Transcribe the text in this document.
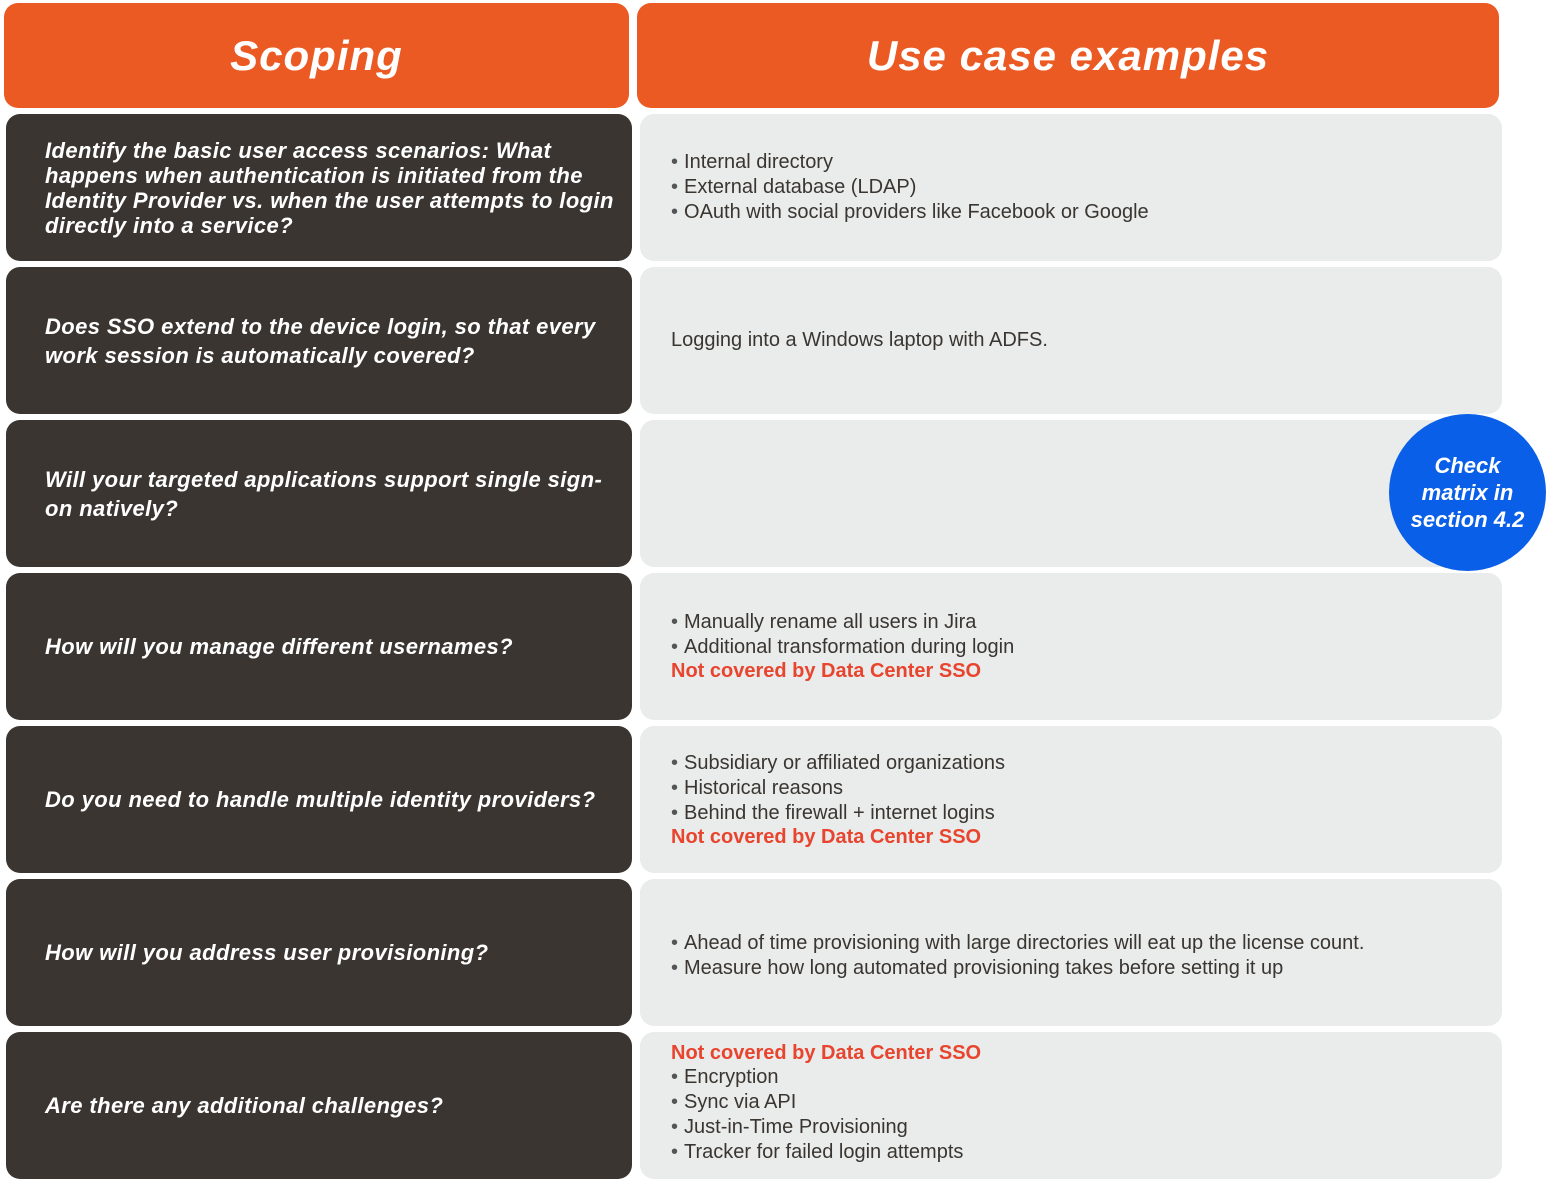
Scoping	Use case examples
Identify the basic user access scenarios: What happens when authentication is initiated from the Identity Provider vs. when the user attempts to login directly into a service?
• Internal directory
• External database (LDAP)
• OAuth with social providers like Facebook or Google
Does SSO extend to the device login, so that every work session is automatically covered?
Logging into a Windows laptop with ADFS.
Will your targeted applications support single sign-on natively?
How will you manage different usernames?
• Manually rename all users in Jira
• Additional transformation during login
Not covered by Data Center SSO
Do you need to handle multiple identity providers?
• Subsidiary or affiliated organizations
• Historical reasons
• Behind the firewall + internet logins
Not covered by Data Center SSO
How will you address user provisioning?
•	Ahead of time provisioning with large directories will eat up the license count.
• Measure how long automated provisioning takes before setting it up
Are there any additional challenges?
Not covered by Data Center SSO
• Encryption
• Sync via API
• Just-in-Time Provisioning
• Tracker for failed login attempts
Check matrix in section 4.2
